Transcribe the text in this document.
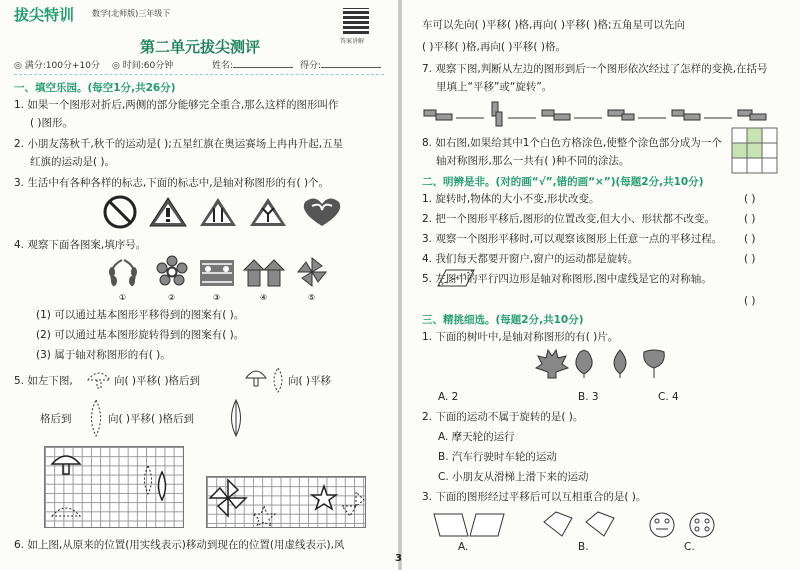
拔尖特训 数学(北师版)三年级下
答案讲解
第二单元拔尖测评
◎ 满分:100分+10分 ◎ 时间:60分钟	姓名:	得分:
一、填空乐园。(每空1分,共26分)
1. 如果一个图形对折后,两侧的部分能够完全重合,那么这样的图形叫作
( )图形。
2. 小朋友荡秋千,秋千的运动是( );五星红旗在奥运赛场上冉冉升起,五星
红旗的运动是( )。
3. 生活中有各种各样的标志,下面的标志中,是轴对称图形的有( )个。
4. 观察下面各图案,填序号。
①	②	③	④	⑤
(1) 可以通过基本图形平移得到的图案有( )。
(2) 可以通过基本图形旋转得到的图案有( )。
(3) 属于轴对称图形的有( )。
5. 如左下图,	向( )平移( )格后到	向( )平移
格后到	向( )平移( )格后到
6. 如上图,从原来的位置(用实线表示)移动到现在的位置(用虚线表示),风
车可以先向( )平移( )格,再向( )平移( )格;五角星可以先向
( )平移( )格,再向( )平移( )格。
7. 观察下图,判断从左边的图形到后一个图形依次经过了怎样的变换,在括号
里填上“平移”或“旋转”。
8. 如右图,如果给其中1个白色方格涂色,使整个涂色部分成为一个
轴对称图形,那么一共有( )种不同的涂法。
二、明辨是非。(对的画“√”,错的画“×”)(每题2分,共10分)
1. 旋转时,物体的大小不变,形状改变。	( )
2. 把一个图形平移后,图形的位置改变,但大小、形状都不改变。	( )
3. 观察一个图形平移时,可以观察该图形上任意一点的平移过程。 ( )
4. 我们每天都要开窗户,窗户的运动都是旋转。	( )
5. 左图中的平行四边形是轴对称图形,图中虚线是它的对称轴。
( )
三、精挑细选。(每题2分,共10分)
1. 下面的树叶中,是轴对称图形的有( )片。
A. 2	B. 3	C. 4
2. 下面的运动不属于旋转的是( )。
A. 摩天轮的运行
B. 汽车行驶时车轮的运动
C. 小朋友从滑梯上滑下来的运动
3. 下面的图形经过平移后可以互相重合的是( )。
A.	B.	C.
3
